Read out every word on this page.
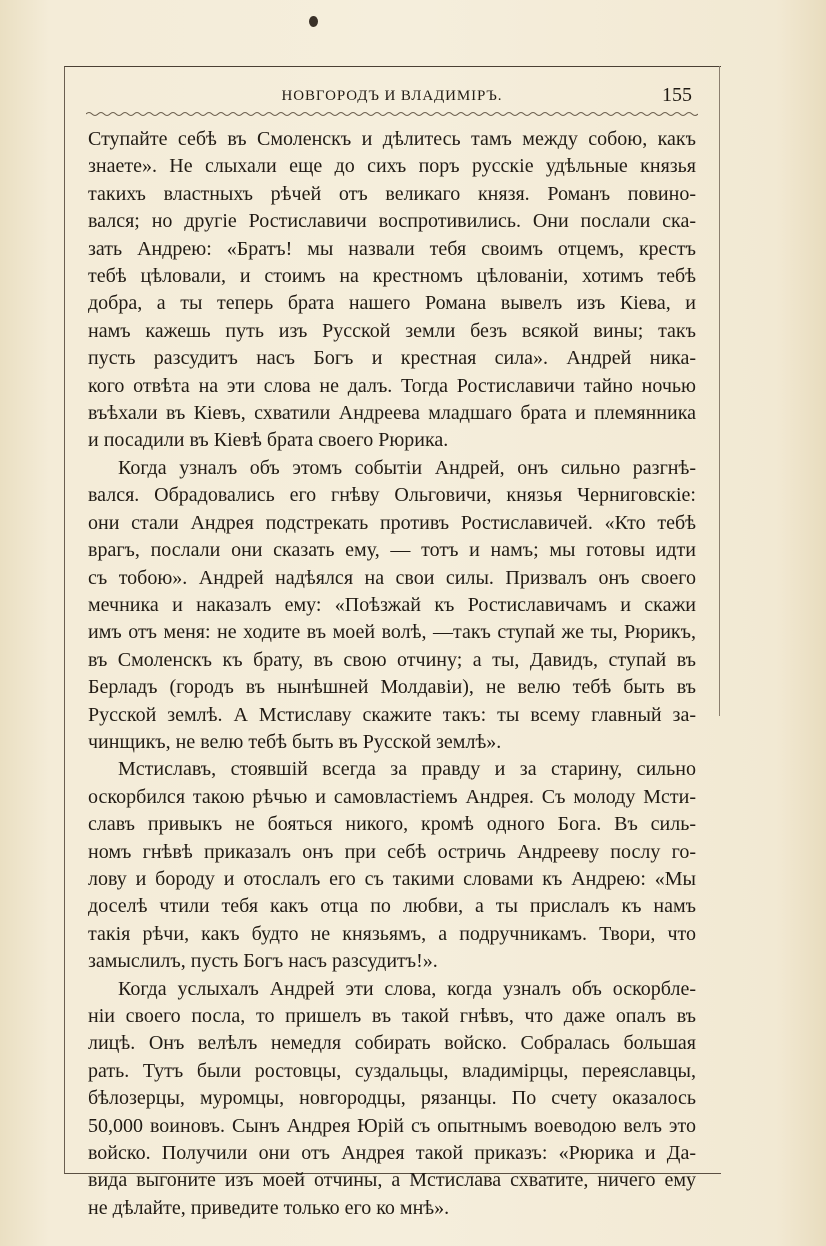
НОВГОРОДЪ И ВЛАДИМІРЪ.	155

Ступайте себѣ въ Смоленскъ и дѣлитесь тамъ между собою, какъ

знаете». Не слыхали еще до сихъ поръ русскіе удѣльные князья

такихъ властныхъ рѣчей отъ великаго князя. Романъ повино-

вался; но другіе Ростиславичи воспротивились. Они послали ска-

зать Андрею: «Братъ! мы назвали тебя своимъ отцемъ, крестъ

тебѣ цѣловали, и стоимъ на крестномъ цѣлованіи, хотимъ тебѣ

добра, а ты теперь брата нашего Романа вывелъ изъ Кіева, и

намъ кажешь путь изъ Русской земли безъ всякой вины; такъ

пусть разсудитъ насъ Богъ и крестная сила». Андрей ника-

кого отвѣта на эти слова не далъ. Тогда Ростиславичи тайно ночью

въѣхали въ Кіевъ, схватили Андреева младшаго брата и племянника

и посадили въ Кіевѣ брата своего Рюрика.

Когда узналъ объ этомъ событіи Андрей, онъ сильно разгнѣ-

вался. Обрадовались его гнѣву Ольговичи, князья Черниговскіе:

они стали Андрея подстрекать противъ Ростиславичей. «Кто тебѣ

врагъ, послали они сказать ему, — тотъ и намъ; мы готовы идти

съ тобою». Андрей надѣялся на свои силы. Призвалъ онъ своего

мечника и наказалъ ему: «Поѣзжай къ Ростиславичамъ и скажи

имъ отъ меня: не ходите въ моей волѣ, —такъ ступай же ты, Рюрикъ,

въ Смоленскъ къ брату, въ свою отчину; а ты, Давидъ, ступай въ

Берладъ (городъ въ нынѣшней Молдавіи), не велю тебѣ быть въ

Русской землѣ. А Мстиславу скажите такъ: ты всему главный за-

чинщикъ, не велю тебѣ быть въ Русской землѣ».

Мстиславъ, стоявшій всегда за правду и за старину, сильно

оскорбился такою рѣчью и самовластіемъ Андрея. Съ молоду Мсти-

славъ привыкъ не бояться никого, кромѣ одного Бога. Въ силь-

номъ гнѣвѣ приказалъ онъ при себѣ остричь Андрееву послу го-

лову и бороду и отослалъ его съ такими словами къ Андрею: «Мы

доселѣ чтили тебя какъ отца по любви, а ты прислалъ къ намъ

такія рѣчи, какъ будто не князьямъ, а подручникамъ. Твори, что

замыслилъ, пусть Богъ насъ разсудитъ!».

Когда услыхалъ Андрей эти слова, когда узналъ объ оскорбле-

ніи своего посла, то пришелъ въ такой гнѣвъ, что даже опалъ въ

лицѣ. Онъ велѣлъ немедля собирать войско. Собралась большая

рать. Тутъ были ростовцы, суздальцы, владимірцы, переяславцы,

бѣлозерцы, муромцы, новгородцы, рязанцы. По счету оказалось

50,000 воиновъ. Сынъ Андрея Юрій съ опытнымъ воеводою велъ это

войско. Получили они отъ Андрея такой приказъ: «Рюрика и Да-

вида выгоните изъ моей отчины, а Мстислава схватите, ничего ему

не дѣлайте, приведите только его ко мнѣ».
